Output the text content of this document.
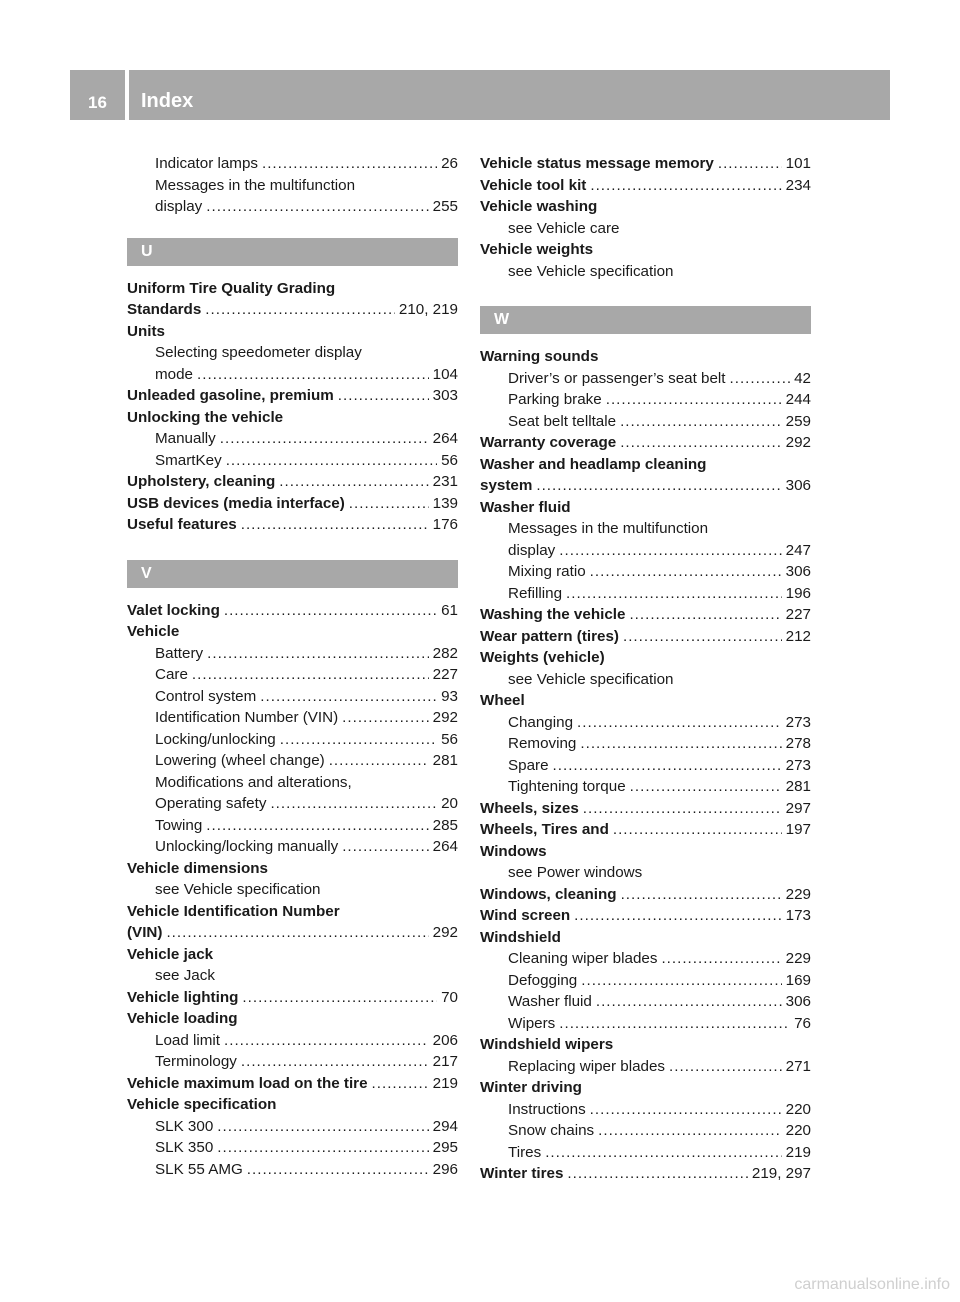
16	Index
Indicator lamps .....	26
Messages in the multifunction
display .....	255
U
Uniform Tire Quality Grading
Standards .....	210, 219
Units
Selecting speedometer display
mode .....	104
Unleaded gasoline, premium .....	303
Unlocking the vehicle
Manually .....	264
SmartKey .....	56
Upholstery, cleaning .....	231
USB devices (media interface) .....	139
Useful features .....	176
V
Valet locking .....	61
Vehicle
Battery .....	282
Care .....	227
Control system .....	93
Identification Number (VIN) .....	292
Locking/unlocking .....	56
Lowering (wheel change) .....	281
Modifications and alterations,
Operating safety .....	20
Towing .....	285
Unlocking/locking manually .....	264
Vehicle dimensions
see Vehicle specification
Vehicle Identification Number
(VIN) .....	292
Vehicle jack
see Jack
Vehicle lighting .....	70
Vehicle loading
Load limit .....	206
Terminology .....	217
Vehicle maximum load on the tire .....	219
Vehicle specification
SLK 300 .....	294
SLK 350 .....	295
SLK 55 AMG .....	296
Vehicle status message memory .....	101
Vehicle tool kit .....	234
Vehicle washing
see Vehicle care
Vehicle weights
see Vehicle specification
W
Warning sounds
Driver’s or passenger’s seat belt .....	42
Parking brake .....	244
Seat belt telltale .....	259
Warranty coverage .....	292
Washer and headlamp cleaning
system .....	306
Washer fluid
Messages in the multifunction
display .....	247
Mixing ratio .....	306
Refilling .....	196
Washing the vehicle .....	227
Wear pattern (tires) .....	212
Weights (vehicle)
see Vehicle specification
Wheel
Changing .....	273
Removing .....	278
Spare .....	273
Tightening torque .....	281
Wheels, sizes .....	297
Wheels, Tires and .....	197
Windows
see Power windows
Windows, cleaning .....	229
Wind screen .....	173
Windshield
Cleaning wiper blades .....	229
Defogging .....	169
Washer fluid .....	306
Wipers .....	76
Windshield wipers
Replacing wiper blades .....	271
Winter driving
Instructions .....	220
Snow chains .....	220
Tires .....	219
Winter tires .....	219, 297
carmanualsonline.info
